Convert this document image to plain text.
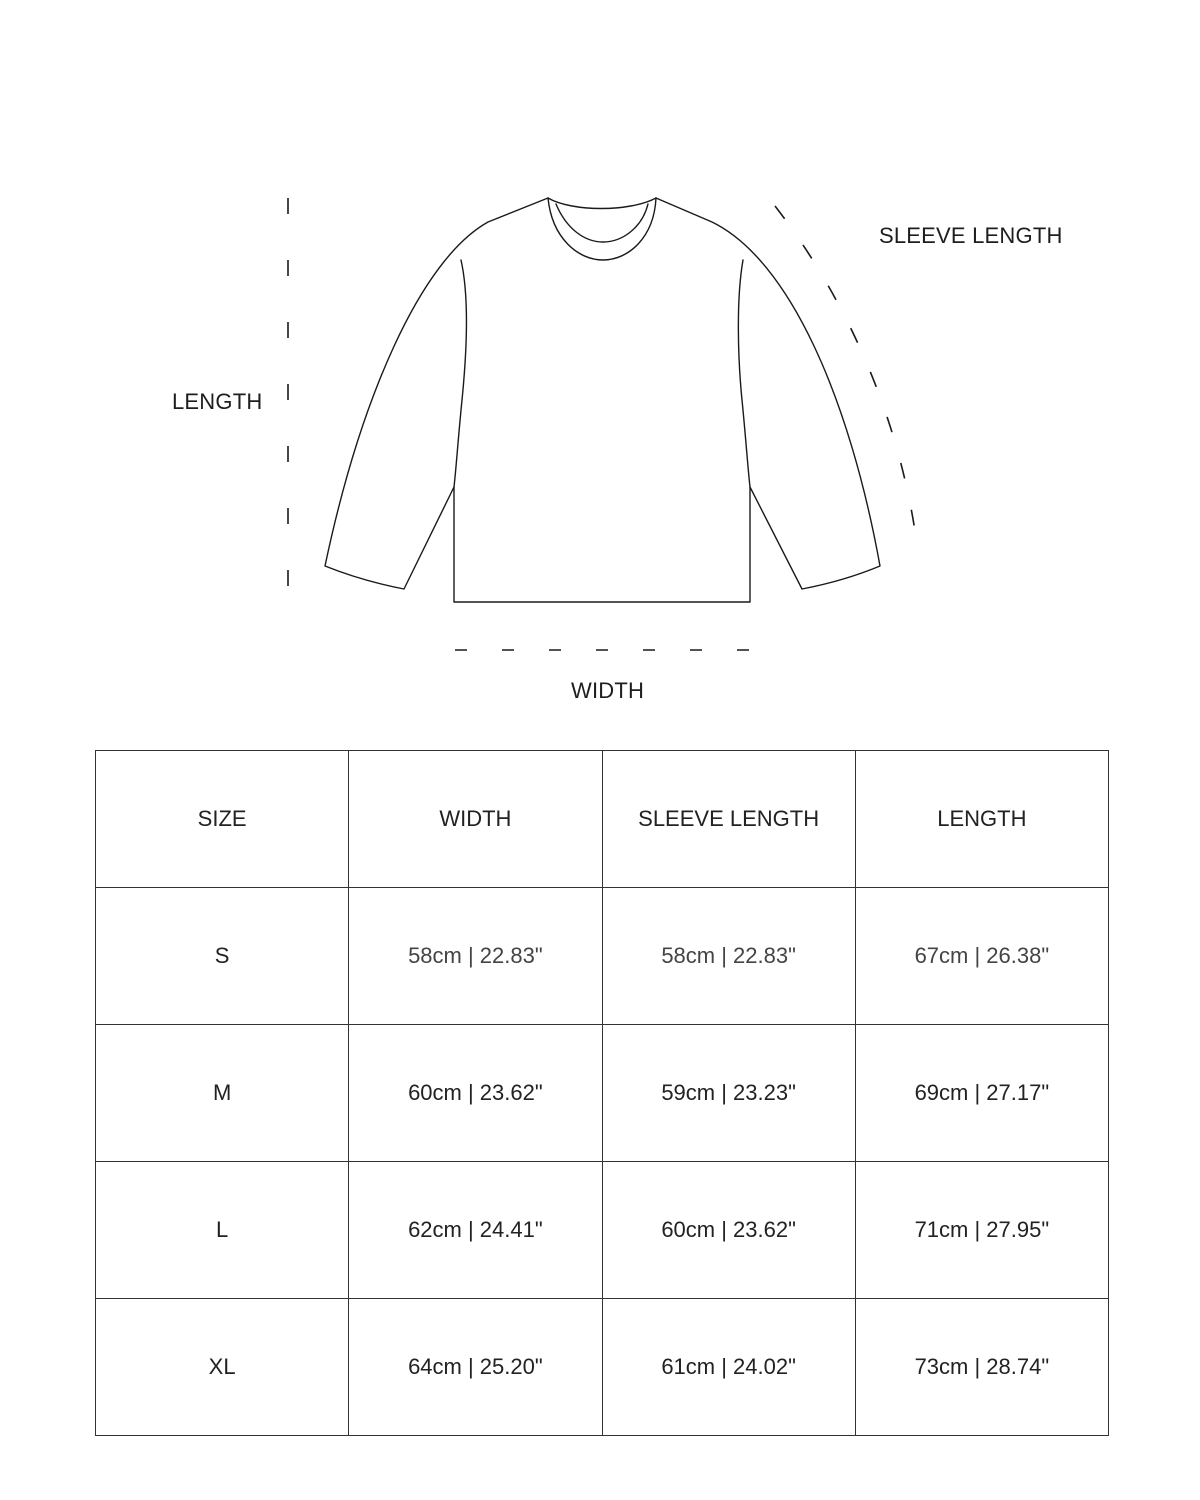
LENGTH
SLEEVE LENGTH
WIDTH
SIZE	WIDTH	SLEEVE LENGTH	LENGTH
S	58cm | 22.83"	58cm | 22.83"	67cm | 26.38"
M	60cm | 23.62"	59cm | 23.23"	69cm | 27.17"
L	62cm | 24.41"	60cm | 23.62"	71cm | 27.95"
XL	64cm | 25.20"	61cm | 24.02"	73cm | 28.74"
